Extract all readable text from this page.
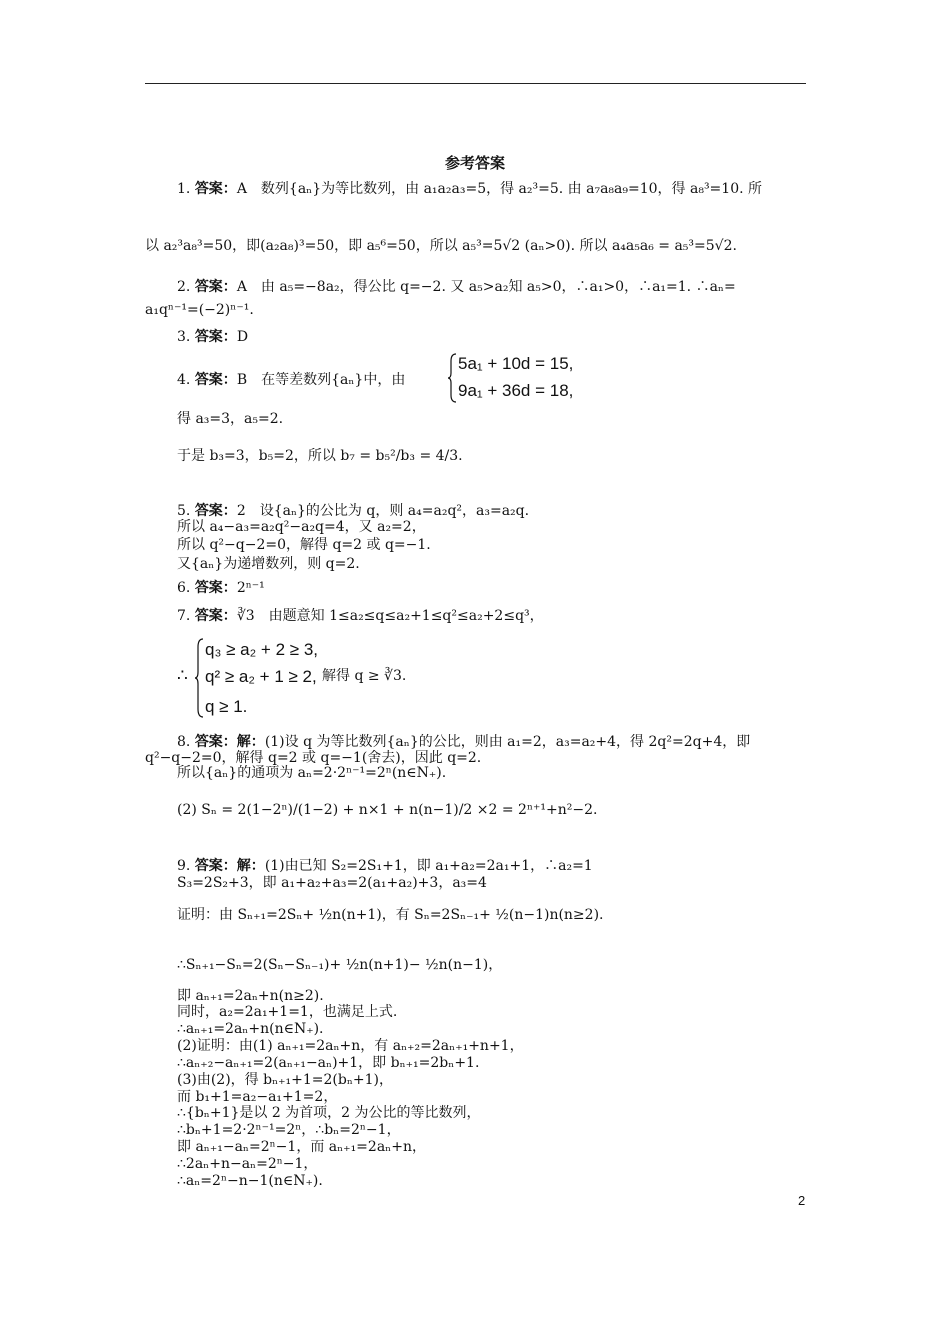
参考答案
1. 答案：A　数列{aₙ}为等比数列，由 a₁a₂a₃=5，得 a₂³=5. 由 a₇a₈a₉=10，得 a₈³=10. 所
以 a₂³a₈³=50，即(a₂a₈)³=50，即 a₅⁶=50，所以 a₅³=5√2 (aₙ>0). 所以 a₄a₅a₆ = a₅³=5√2.
2. 答案：A　由 a₅=−8a₂，得公比 q=−2. 又 a₅>a₂知 a₅>0，∴a₁>0，∴a₁=1. ∴aₙ=
a₁qⁿ⁻¹=(−2)ⁿ⁻¹.
3. 答案：D
4. 答案：B　在等差数列{aₙ}中，由
得 a₃=3，a₅=2.
于是 b₃=3，b₅=2，所以 b₇ = b₅²/b₃ = 4/3.
5. 答案：2　设{aₙ}的公比为 q，则 a₄=a₂q²，a₃=a₂q.
所以 a₄−a₃=a₂q²−a₂q=4，又 a₂=2，
所以 q²−q−2=0，解得 q=2 或 q=−1.
又{aₙ}为递增数列，则 q=2.
6. 答案：2ⁿ⁻¹
7. 答案：∛3　由题意知 1≤a₂≤q≤a₂+1≤q²≤a₂+2≤q³，
8. 答案：解：(1)设 q 为等比数列{aₙ}的公比，则由 a₁=2，a₃=a₂+4，得 2q²=2q+4，即
q²−q−2=0，解得 q=2 或 q=−1(舍去)，因此 q=2.
所以{aₙ}的通项为 aₙ=2·2ⁿ⁻¹=2ⁿ(n∈N₊).
(2) Sₙ = 2(1−2ⁿ)/(1−2) + n×1 + n(n−1)/2 ×2 = 2ⁿ⁺¹+n²−2.
9. 答案：解：(1)由已知 S₂=2S₁+1，即 a₁+a₂=2a₁+1，∴a₂=1
S₃=2S₂+3，即 a₁+a₂+a₃=2(a₁+a₂)+3，a₃=4
证明：由 Sₙ₊₁=2Sₙ+ ½n(n+1)，有 Sₙ=2Sₙ₋₁+ ½(n−1)n(n≥2).
∴Sₙ₊₁−Sₙ=2(Sₙ−Sₙ₋₁)+ ½n(n+1)− ½n(n−1)，
即 aₙ₊₁=2aₙ+n(n≥2).
同时，a₂=2a₁+1=1，也满足上式.
∴aₙ₊₁=2aₙ+n(n∈N₊).
(2)证明：由(1) aₙ₊₁=2aₙ+n，有 aₙ₊₂=2aₙ₊₁+n+1，
∴aₙ₊₂−aₙ₊₁=2(aₙ₊₁−aₙ)+1，即 bₙ₊₁=2bₙ+1.
(3)由(2)，得 bₙ₊₁+1=2(bₙ+1)，
而 b₁+1=a₂−a₁+1=2，
∴{bₙ+1}是以 2 为首项，2 为公比的等比数列，
∴bₙ+1=2·2ⁿ⁻¹=2ⁿ，∴bₙ=2ⁿ−1，
即 aₙ₊₁−aₙ=2ⁿ−1，而 aₙ₊₁=2aₙ+n，
∴2aₙ+n−aₙ=2ⁿ−1，
∴aₙ=2ⁿ−n−1(n∈N₊).
5a₁ + 10d = 15,
9a₁ + 36d = 18,
∴
q₃ ≥ a₂ + 2 ≥ 3,
q² ≥ a₂ + 1 ≥ 2,
q ≥ 1.
解得 q ≥ ∛3.
2
